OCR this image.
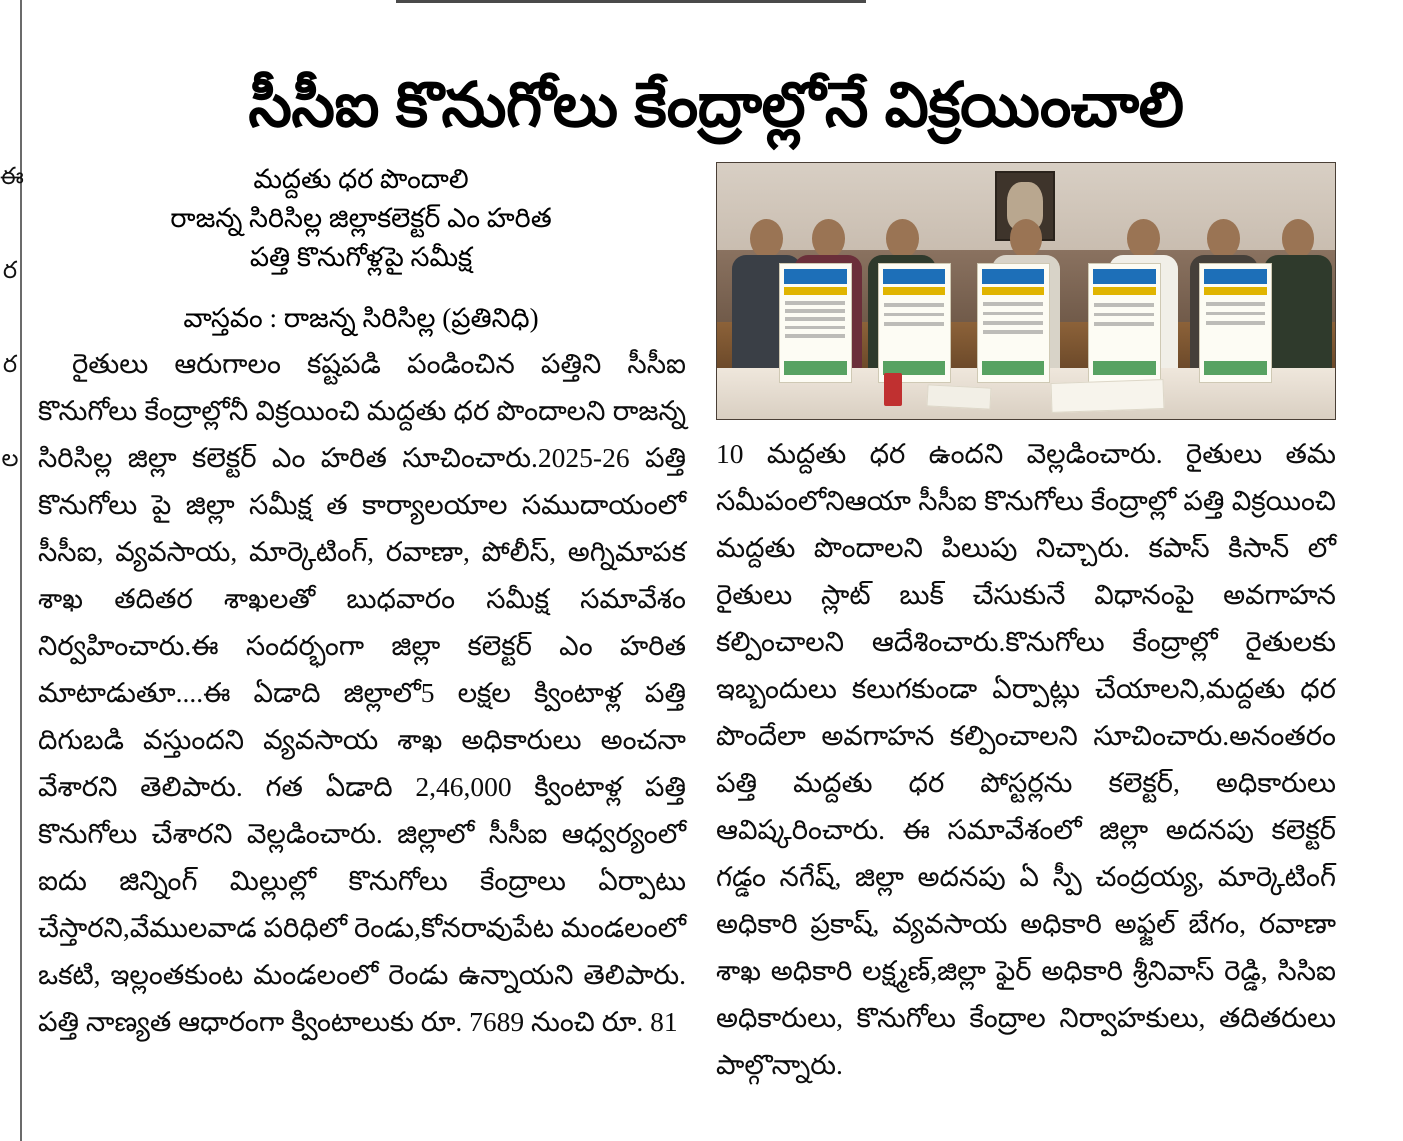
ఈ
ర
ర
ల
సీసీఐ కొనుగోలు కేంద్రాల్లోనే విక్రయించాలి
మద్దతు ధర పొందాలి
రాజన్న సిరిసిల్ల జిల్లాకలెక్టర్ ఎం హరిత
పత్తి కొనుగోళ్లపై సమీక్ష
వాస్తవం : రాజన్న సిరిసిల్ల (ప్రతినిధి)

రైతులు ఆరుగాలం కష్టపడి పండించిన పత్తిని సీసీఐ కొనుగోలు కేంద్రాల్లోనీ విక్రయించి మద్దతు ధర పొందాలని రాజన్న సిరిసిల్ల జిల్లా కలెక్టర్ ఎం హరిత సూచించారు.2025-26 పత్తి కొనుగోలు పై జిల్లా సమీక్ష త కార్యాలయాల సముదాయంలో సీసీఐ, వ్యవసాయ, మార్కెటింగ్, రవాణా, పోలీస్, అగ్నిమాపక శాఖ తదితర శాఖలతో బుధవారం సమీక్ష సమావేశం నిర్వహించారు.ఈ సందర్భంగా జిల్లా కలెక్టర్ ఎం హరిత మాటాడుతూ....ఈ ఏడాది జిల్లాలో5 లక్షల క్వింటాళ్ల పత్తి దిగుబడి వస్తుందని వ్యవసాయ శాఖ అధికారులు అంచనా వేశారని తెలిపారు. గత ఏడాది 2,46,000 క్వింటాళ్ల పత్తి కొనుగోలు చేశారని వెల్లడించారు. జిల్లాలో సీసీఐ ఆధ్వర్యంలో ఐదు జిన్నింగ్ మిల్లుల్లో కొనుగోలు కేంద్రాలు ఏర్పాటు చేస్తారని,వేములవాడ పరిధిలో రెండు,కోనరావుపేట మండలంలో ఒకటి, ఇల్లంతకుంట మండలంలో రెండు ఉన్నాయని తెలిపారు. పత్తి నాణ్యత ఆధారంగా క్వింటాలుకు రూ. 7689 నుంచి రూ. 81

10 మద్దతు ధర ఉందని వెల్లడించారు. రైతులు తమ సమీపంలోనిఆయా సీసీఐ కొనుగోలు కేంద్రాల్లో పత్తి విక్రయించి మద్దతు పొందాలని పిలుపు నిచ్చారు. కపాస్ కిసాన్ లో రైతులు స్లాట్ బుక్ చేసుకునే విధానంపై అవగాహన కల్పించాలని ఆదేశించారు.కొనుగోలు కేంద్రాల్లో రైతులకు ఇబ్బందులు కలుగకుండా ఏర్పాట్లు చేయాలని,మద్దతు ధర పొందేలా అవగాహన కల్పించాలని సూచించారు.అనంతరం పత్తి మద్దతు ధర పోస్టర్లను కలెక్టర్, అధికారులు ఆవిష్కరించారు. ఈ సమావేశంలో జిల్లా అదనపు కలెక్టర్ గడ్డం నగేష్, జిల్లా అదనపు ఏ స్పీ చంద్రయ్య, మార్కెటింగ్ అధికారి ప్రకాష్, వ్యవసాయ అధికారి అఫ్జల్ బేగం, రవాణా శాఖ అధికారి లక్ష్మణ్,జిల్లా ఫైర్ అధికారి శ్రీనివాస్ రెడ్డి, సిసిఐ అధికారులు, కొనుగోలు కేంద్రాల నిర్వాహకులు, తదితరులు పాల్గొన్నారు.
